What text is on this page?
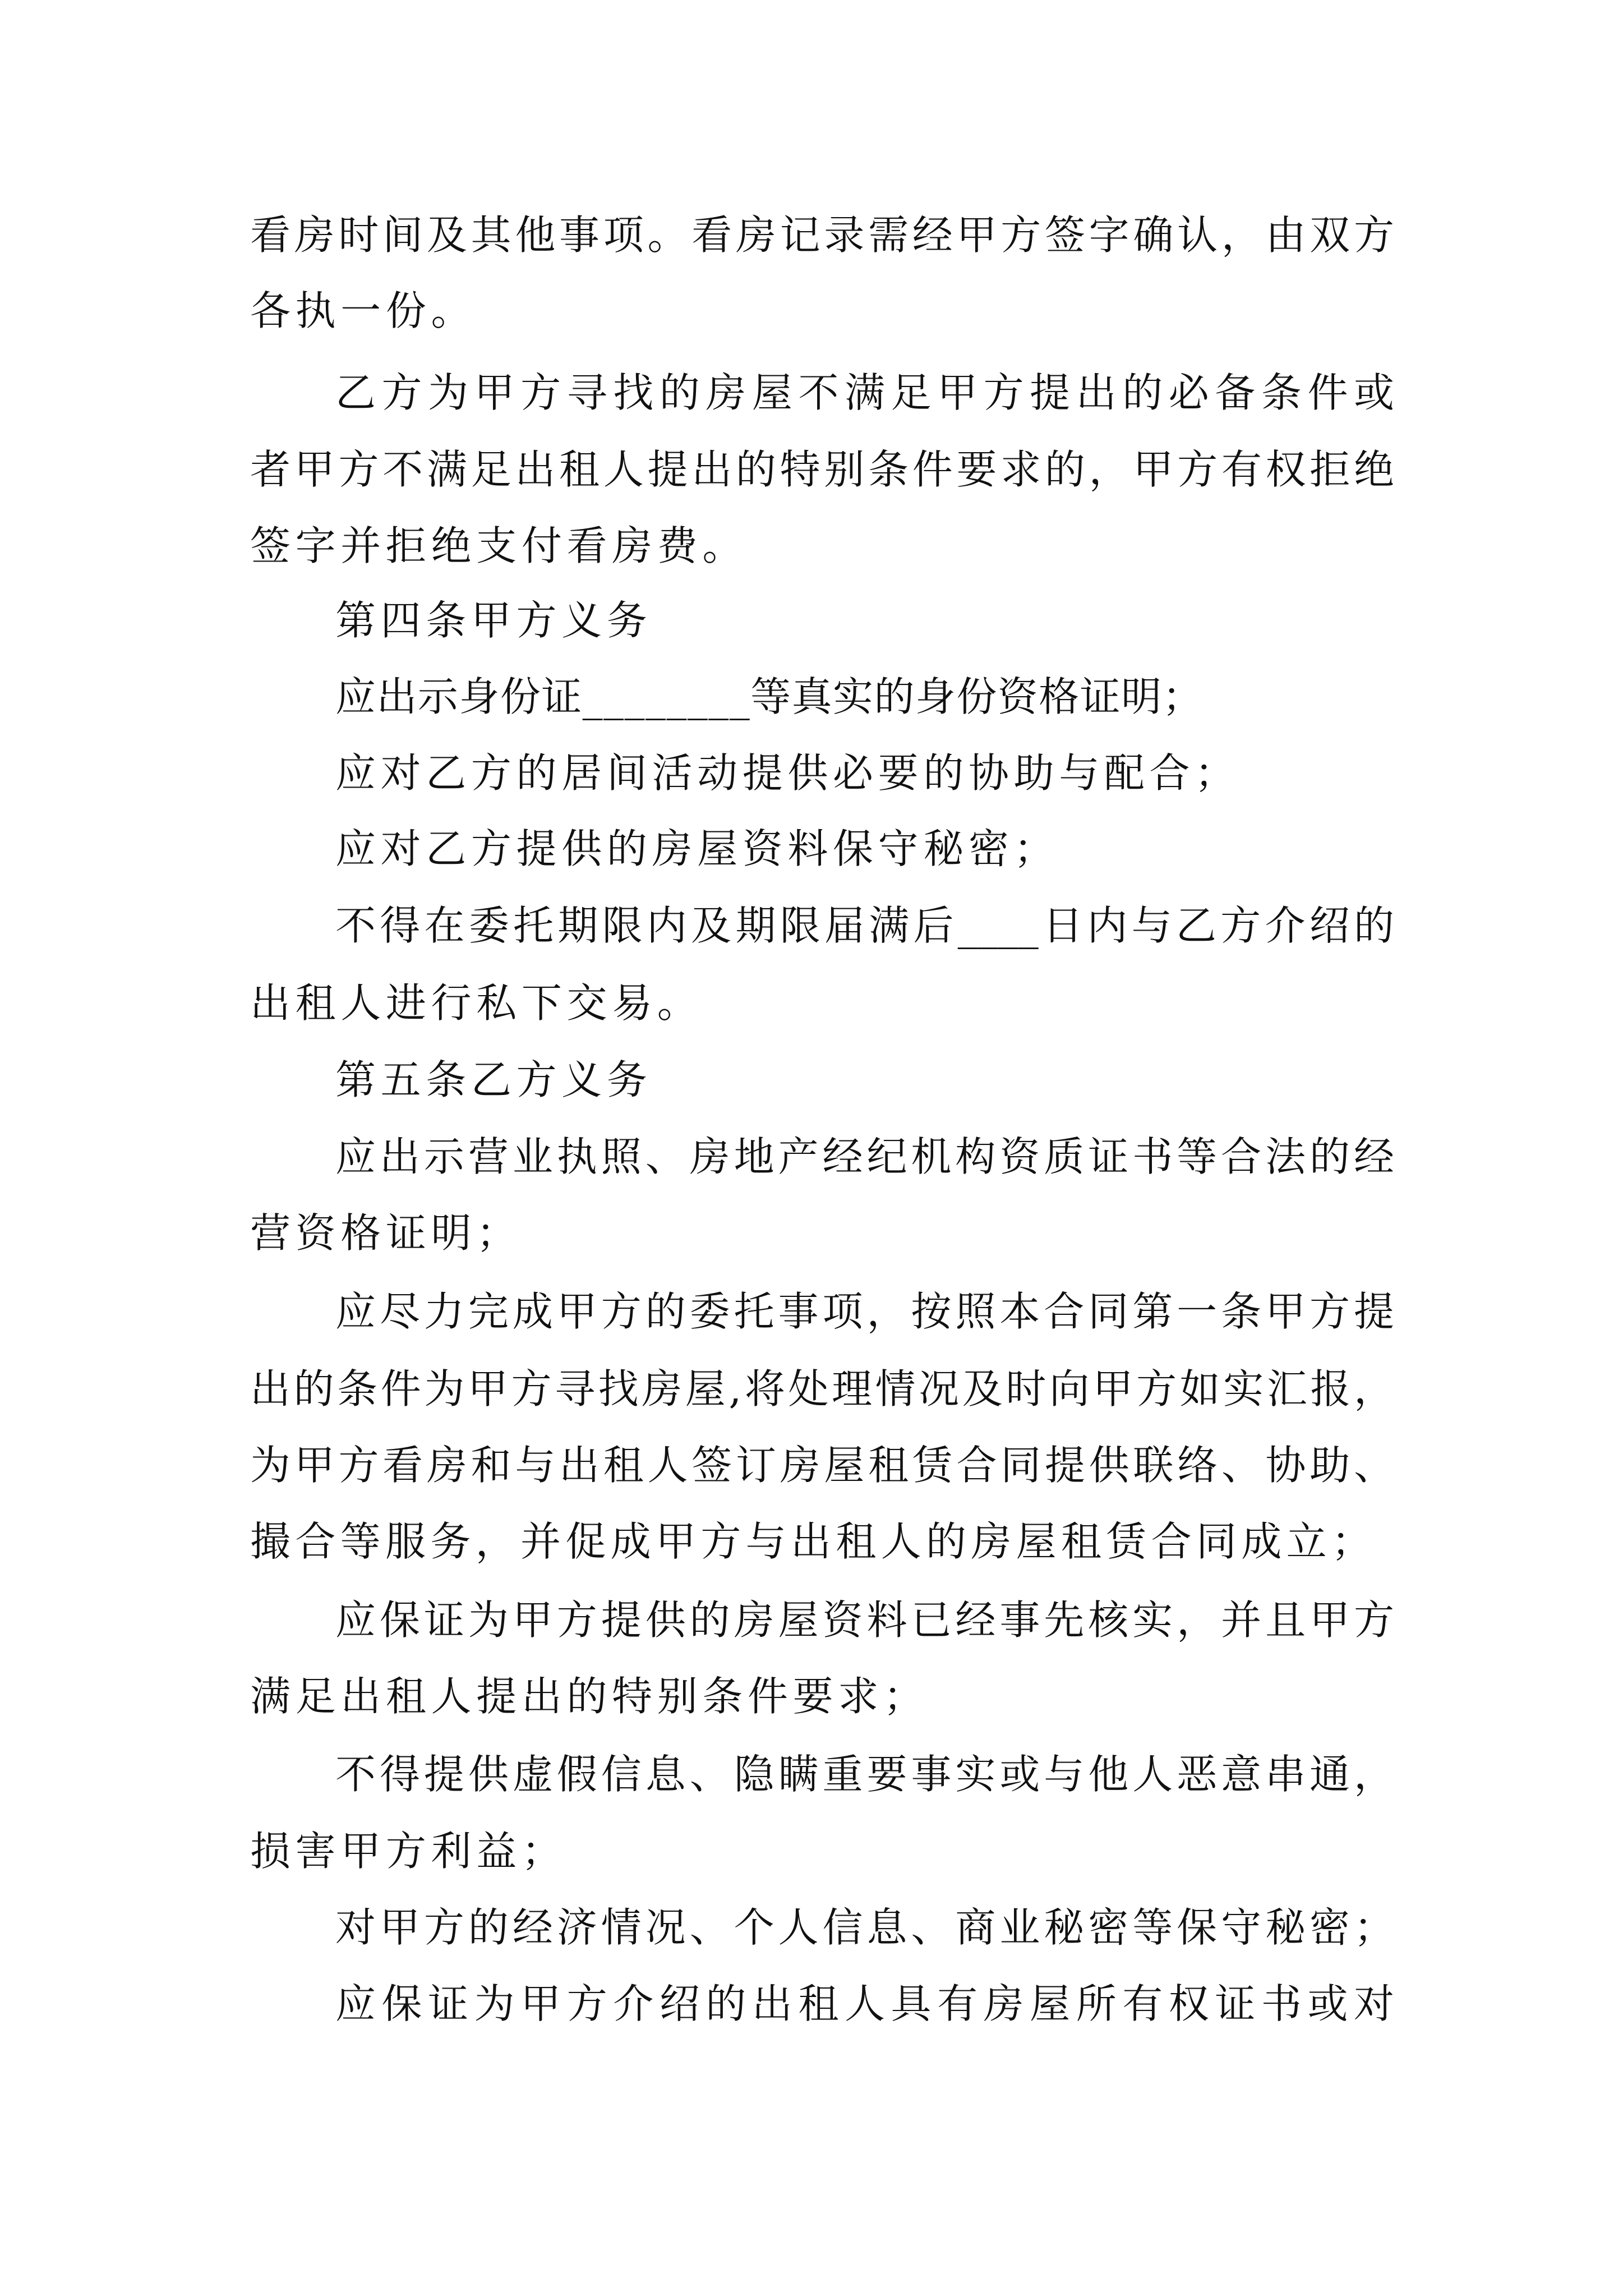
看房时间及其他事项。看房记录需经甲方签字确认，由双方
各执一份。
乙方为甲方寻找的房屋不满足甲方提出的必备条件或
者甲方不满足出租人提出的特别条件要求的，甲方有权拒绝
签字并拒绝支付看房费。
第四条甲方义务
应出示身份证________等真实的身份资格证明；
应对乙方的居间活动提供必要的协助与配合；
应对乙方提供的房屋资料保守秘密；
不得在委托期限内及期限届满后____日内与乙方介绍的
出租人进行私下交易。
第五条乙方义务
应出示营业执照、房地产经纪机构资质证书等合法的经
营资格证明；
应尽力完成甲方的委托事项，按照本合同第一条甲方提
出的条件为甲方寻找房屋,将处理情况及时向甲方如实汇报，
为甲方看房和与出租人签订房屋租赁合同提供联络、协助、
撮合等服务，并促成甲方与出租人的房屋租赁合同成立；
应保证为甲方提供的房屋资料已经事先核实，并且甲方
满足出租人提出的特别条件要求；
不得提供虚假信息、隐瞒重要事实或与他人恶意串通，
损害甲方利益；
对甲方的经济情况、个人信息、商业秘密等保守秘密；
应保证为甲方介绍的出租人具有房屋所有权证书或对
